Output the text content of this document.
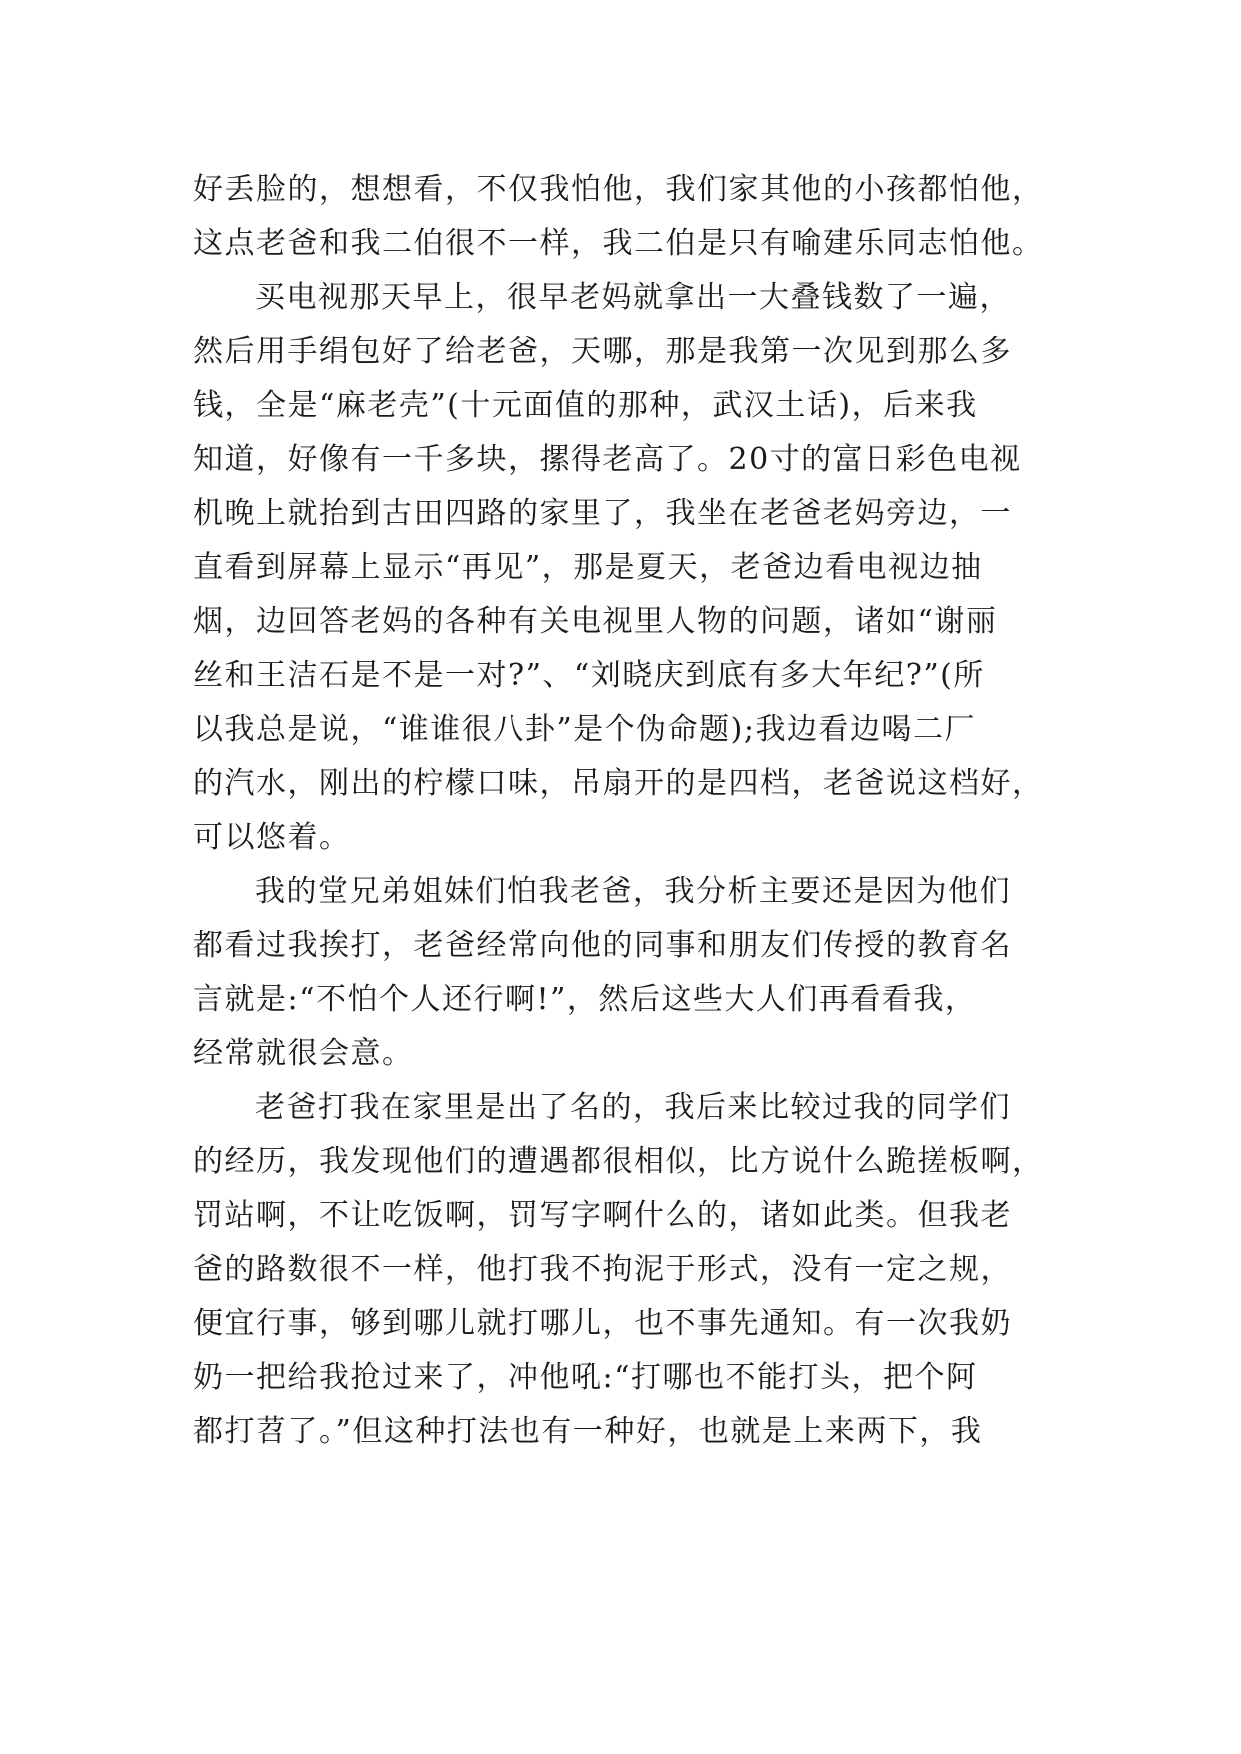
好丢脸的，想想看，不仅我怕他，我们家其他的小孩都怕他，
这点老爸和我二伯很不一样，我二伯是只有喻建乐同志怕他。
买电视那天早上，很早老妈就拿出一大叠钱数了一遍，
然后用手绢包好了给老爸，天哪，那是我第一次见到那么多
钱，全是“麻老壳”(十元面值的那种，武汉土话)，后来我
知道，好像有一千多块，摞得老高了。20寸的富日彩色电视
机晚上就抬到古田四路的家里了，我坐在老爸老妈旁边，一
直看到屏幕上显示“再见”，那是夏天，老爸边看电视边抽
烟，边回答老妈的各种有关电视里人物的问题，诸如“谢丽
丝和王洁石是不是一对?”、“刘晓庆到底有多大年纪?”(所
以我总是说，“谁谁很八卦”是个伪命题);我边看边喝二厂
的汽水，刚出的柠檬口味，吊扇开的是四档，老爸说这档好，
可以悠着。
我的堂兄弟姐妹们怕我老爸，我分析主要还是因为他们
都看过我挨打，老爸经常向他的同事和朋友们传授的教育名
言就是:“不怕个人还行啊!”，然后这些大人们再看看我，
经常就很会意。
老爸打我在家里是出了名的，我后来比较过我的同学们
的经历，我发现他们的遭遇都很相似，比方说什么跪搓板啊，
罚站啊，不让吃饭啊，罚写字啊什么的，诸如此类。但我老
爸的路数很不一样，他打我不拘泥于形式，没有一定之规，
便宜行事，够到哪儿就打哪儿，也不事先通知。有一次我奶
奶一把给我抢过来了，冲他吼:“打哪也不能打头，把个阿
都打苕了。”但这种打法也有一种好，也就是上来两下，我
